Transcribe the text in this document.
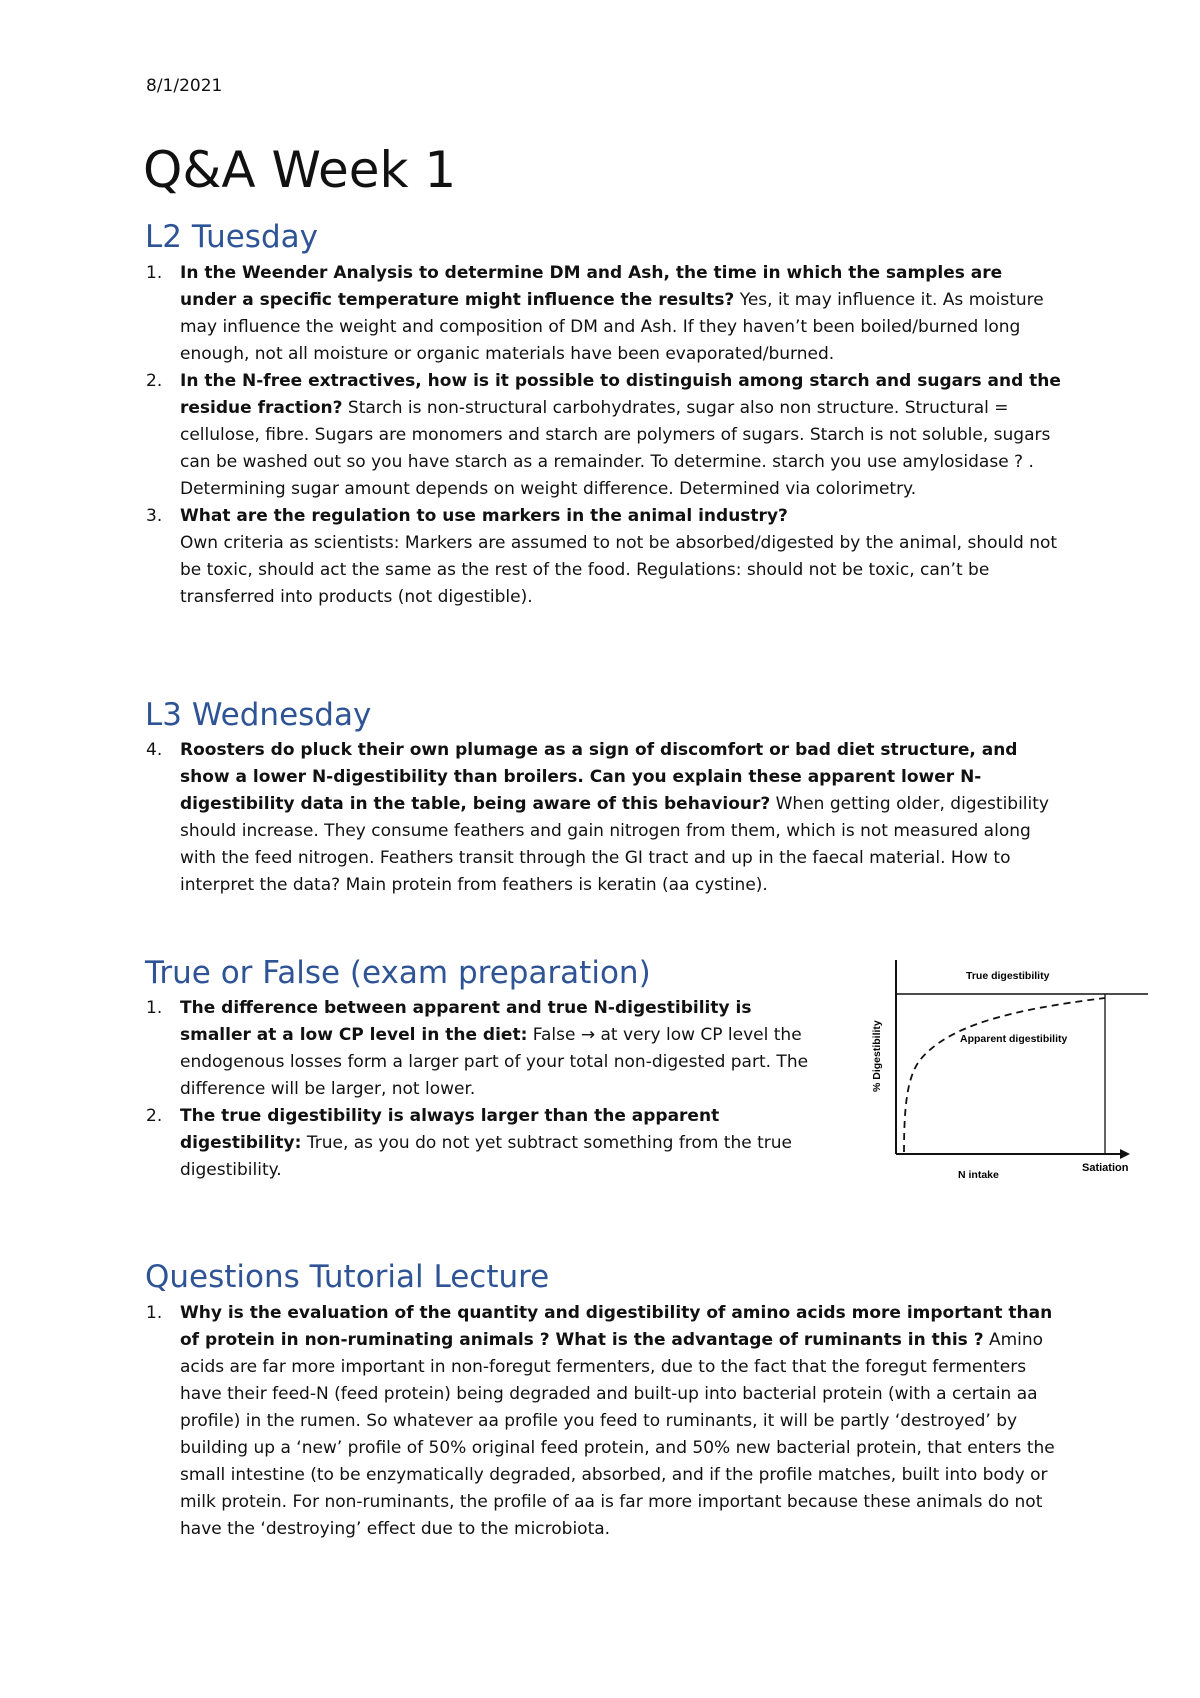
8/1/2021
Q&A Week 1
L2 Tuesday
1. In the Weender Analysis to determine DM and Ash, the time in which the samples are under a specific temperature might influence the results? Yes, it may influence it. As moisture may influence the weight and composition of DM and Ash. If they haven’t been boiled/burned long enough, not all moisture or organic materials have been evaporated/burned.
2. In the N-free extractives, how is it possible to distinguish among starch and sugars and the residue fraction? Starch is non-structural carbohydrates, sugar also non structure. Structural = cellulose, fibre. Sugars are monomers and starch are polymers of sugars. Starch is not soluble, sugars can be washed out so you have starch as a remainder. To determine. starch you use amylosidase ? . Determining sugar amount depends on weight difference. Determined via colorimetry.
3. What are the regulation to use markers in the animal industry?
Own criteria as scientists: Markers are assumed to not be absorbed/digested by the animal, should not be toxic, should act the same as the rest of the food. Regulations: should not be toxic, can’t be transferred into products (not digestible).
L3 Wednesday
4. Roosters do pluck their own plumage as a sign of discomfort or bad diet structure, and show a lower N-digestibility than broilers. Can you explain these apparent lower N-digestibility data in the table, being aware of this behaviour? When getting older, digestibility should increase. They consume feathers and gain nitrogen from them, which is not measured along with the feed nitrogen. Feathers transit through the GI tract and up in the faecal material. How to interpret the data? Main protein from feathers is keratin (aa cystine).
True or False (exam preparation)
1. The difference between apparent and true N-digestibility is smaller at a low CP level in the diet: False → at very low CP level the endogenous losses form a larger part of your total non-digested part. The difference will be larger, not lower.
2. The true digestibility is always larger than the apparent digestibility: True, as you do not yet subtract something from the true digestibility.
True digestibility
Apparent digestibility
% Digestibility
N intake
Satiation
Questions Tutorial Lecture
1. Why is the evaluation of the quantity and digestibility of amino acids more important than of protein in non-ruminating animals ? What is the advantage of ruminants in this ? Amino acids are far more important in non-foregut fermenters, due to the fact that the foregut fermenters have their feed-N (feed protein) being degraded and built-up into bacterial protein (with a certain aa profile) in the rumen. So whatever aa profile you feed to ruminants, it will be partly ‘destroyed’ by building up a ‘new’ profile of 50% original feed protein, and 50% new bacterial protein, that enters the small intestine (to be enzymatically degraded, absorbed, and if the profile matches, built into body or milk protein. For non-ruminants, the profile of aa is far more important because these animals do not have the ‘destroying’ effect due to the microbiota.
